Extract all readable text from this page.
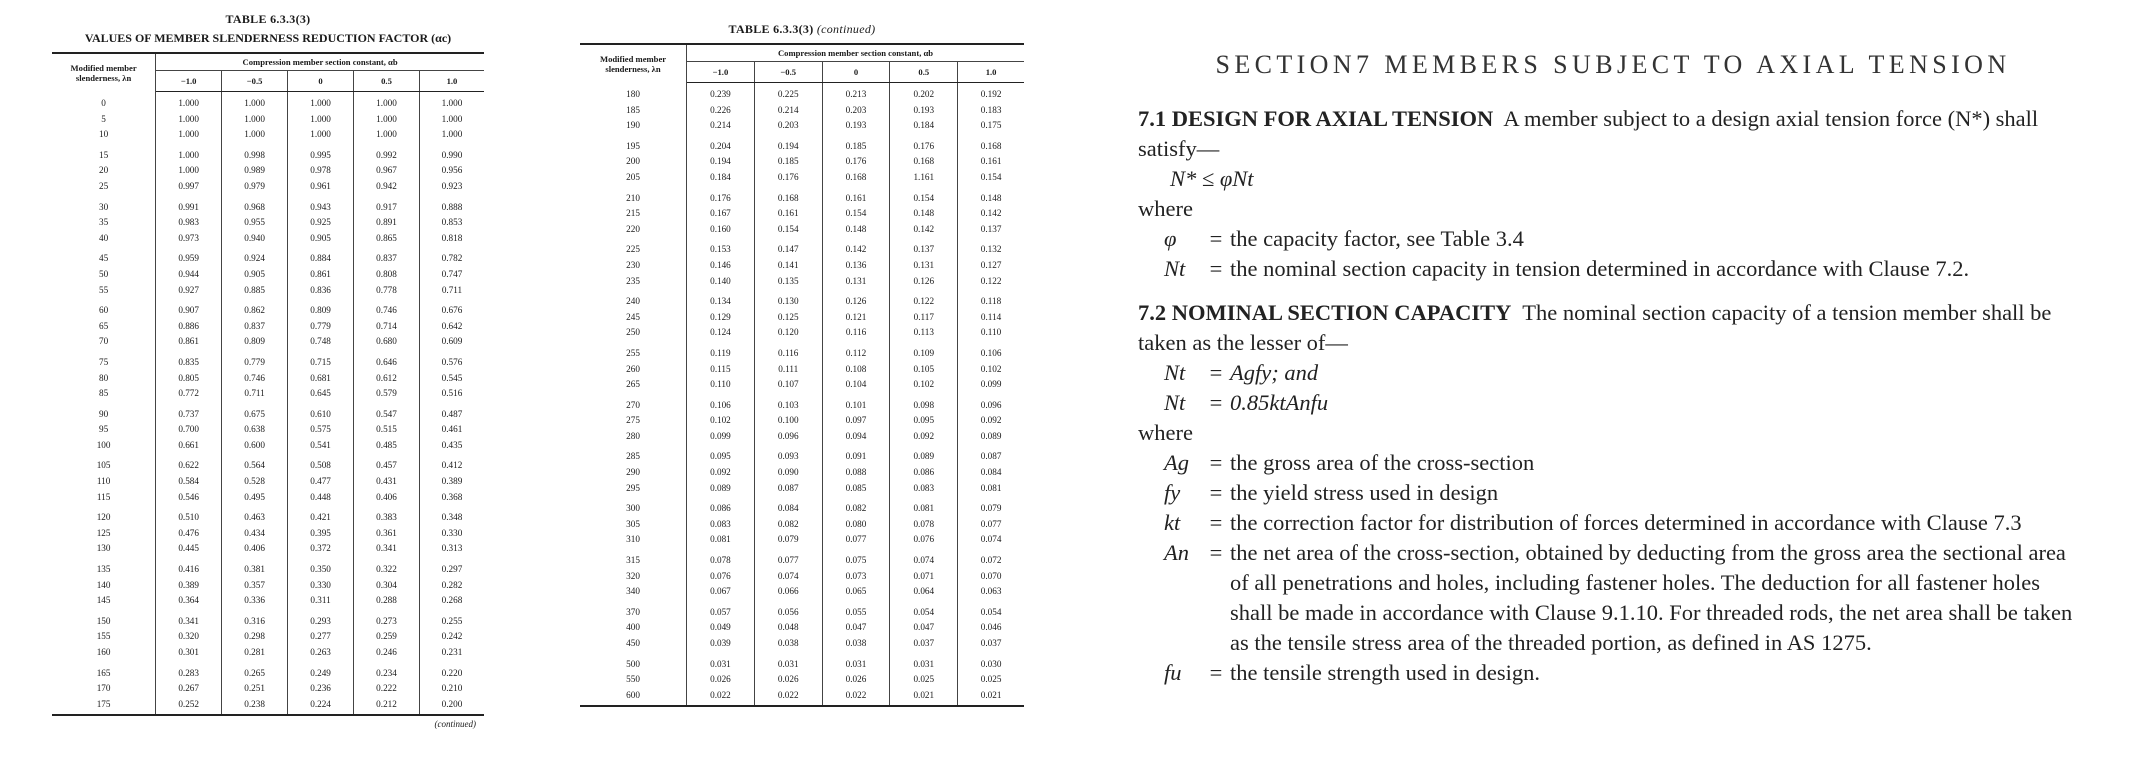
TABLE 6.3.3(3)
VALUES OF MEMBER SLENDERNESS REDUCTION FACTOR (αc)
Modified member slenderness, λn	Compression member section constant, αb				
	−1.0	−0.5	0	0.5	1.0
0	1.000	1.000	1.000	1.000	1.000
5	1.000	1.000	1.000	1.000	1.000
10	1.000	1.000	1.000	1.000	1.000
15	1.000	0.998	0.995	0.992	0.990
20	1.000	0.989	0.978	0.967	0.956
25	0.997	0.979	0.961	0.942	0.923
30	0.991	0.968	0.943	0.917	0.888
35	0.983	0.955	0.925	0.891	0.853
40	0.973	0.940	0.905	0.865	0.818
45	0.959	0.924	0.884	0.837	0.782
50	0.944	0.905	0.861	0.808	0.747
55	0.927	0.885	0.836	0.778	0.711
60	0.907	0.862	0.809	0.746	0.676
65	0.886	0.837	0.779	0.714	0.642
70	0.861	0.809	0.748	0.680	0.609
75	0.835	0.779	0.715	0.646	0.576
80	0.805	0.746	0.681	0.612	0.545
85	0.772	0.711	0.645	0.579	0.516
90	0.737	0.675	0.610	0.547	0.487
95	0.700	0.638	0.575	0.515	0.461
100	0.661	0.600	0.541	0.485	0.435
105	0.622	0.564	0.508	0.457	0.412
110	0.584	0.528	0.477	0.431	0.389
115	0.546	0.495	0.448	0.406	0.368
120	0.510	0.463	0.421	0.383	0.348
125	0.476	0.434	0.395	0.361	0.330
130	0.445	0.406	0.372	0.341	0.313
135	0.416	0.381	0.350	0.322	0.297
140	0.389	0.357	0.330	0.304	0.282
145	0.364	0.336	0.311	0.288	0.268
150	0.341	0.316	0.293	0.273	0.255
155	0.320	0.298	0.277	0.259	0.242
160	0.301	0.281	0.263	0.246	0.231
165	0.283	0.265	0.249	0.234	0.220
170	0.267	0.251	0.236	0.222	0.210
175	0.252	0.238	0.224	0.212	0.200
(continued)
TABLE 6.3.3(3) (continued)
Modified member slenderness, λn	Compression member section constant, αb				
	−1.0	−0.5	0	0.5	1.0
180	0.239	0.225	0.213	0.202	0.192
185	0.226	0.214	0.203	0.193	0.183
190	0.214	0.203	0.193	0.184	0.175
195	0.204	0.194	0.185	0.176	0.168
200	0.194	0.185	0.176	0.168	0.161
205	0.184	0.176	0.168	1.161	0.154
210	0.176	0.168	0.161	0.154	0.148
215	0.167	0.161	0.154	0.148	0.142
220	0.160	0.154	0.148	0.142	0.137
225	0.153	0.147	0.142	0.137	0.132
230	0.146	0.141	0.136	0.131	0.127
235	0.140	0.135	0.131	0.126	0.122
240	0.134	0.130	0.126	0.122	0.118
245	0.129	0.125	0.121	0.117	0.114
250	0.124	0.120	0.116	0.113	0.110
255	0.119	0.116	0.112	0.109	0.106
260	0.115	0.111	0.108	0.105	0.102
265	0.110	0.107	0.104	0.102	0.099
270	0.106	0.103	0.101	0.098	0.096
275	0.102	0.100	0.097	0.095	0.092
280	0.099	0.096	0.094	0.092	0.089
285	0.095	0.093	0.091	0.089	0.087
290	0.092	0.090	0.088	0.086	0.084
295	0.089	0.087	0.085	0.083	0.081
300	0.086	0.084	0.082	0.081	0.079
305	0.083	0.082	0.080	0.078	0.077
310	0.081	0.079	0.077	0.076	0.074
315	0.078	0.077	0.075	0.074	0.072
320	0.076	0.074	0.073	0.071	0.070
340	0.067	0.066	0.065	0.064	0.063
370	0.057	0.056	0.055	0.054	0.054
400	0.049	0.048	0.047	0.047	0.046
450	0.039	0.038	0.038	0.037	0.037
500	0.031	0.031	0.031	0.031	0.030
550	0.026	0.026	0.026	0.025	0.025
600	0.022	0.022	0.022	0.021	0.021
SECTION7 MEMBERS SUBJECT TO AXIAL TENSION

7.1 DESIGN FOR AXIAL TENSION A member subject to a design axial tension force (N*) shall satisfy—

N* ≤ φNt
where
φ	= the capacity factor, see Table 3.4
Nt	= the nominal section capacity in tension determined in accordance with Clause 7.2.

7.2 NOMINAL SECTION CAPACITY The nominal section capacity of a tension member shall be taken as the lesser of—

Nt	= Agfy; and
Nt	= 0.85ktAnfu
where
Ag = the gross area of the cross-section
fy	= the yield stress used in design
kt	= the correction factor for distribution of forces determined in accordance with Clause 7.3
An = the net area of the cross-section, obtained by deducting from the gross area the sectional area of all penetrations and holes, including fastener holes. The deduction for all fastener holes shall be made in accordance with Clause 9.1.10. For threaded rods, the net area shall be taken as the tensile stress area of the threaded portion, as defined in AS 1275.
fu	= the tensile strength used in design.
